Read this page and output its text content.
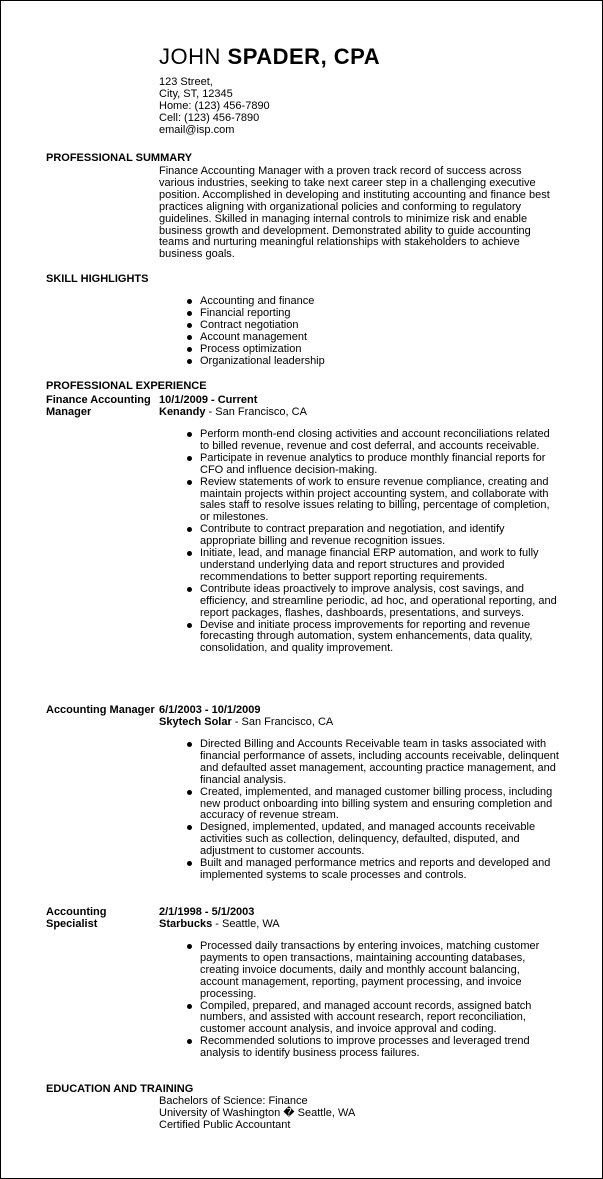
JOHN SPADER, CPA
123 Street,
City, ST, 12345
Home: (123) 456-7890
Cell: (123) 456-7890
email@isp.com
PROFESSIONAL SUMMARY
Finance Accounting Manager with a proven track record of success across various industries, seeking to take next career step in a challenging executive position. Accomplished in developing and instituting accounting and finance best practices aligning with organizational policies and conforming to regulatory guidelines. Skilled in managing internal controls to minimize risk and enable business growth and development. Demonstrated ability to guide accounting teams and nurturing meaningful relationships with stakeholders to achieve business goals.
SKILL HIGHLIGHTS
Accounting and finance
Financial reporting
Contract negotiation
Account management
Process optimization
Organizational leadership
PROFESSIONAL EXPERIENCE
Finance Accounting Manager
10/1/2009 - Current
Kenandy - San Francisco, CA
Perform month-end closing activities and account reconciliations related to billed revenue, revenue and cost deferral, and accounts receivable.
Participate in revenue analytics to produce monthly financial reports for CFO and influence decision-making.
Review statements of work to ensure revenue compliance, creating and maintain projects within project accounting system, and collaborate with sales staff to resolve issues relating to billing, percentage of completion, or milestones.
Contribute to contract preparation and negotiation, and identify appropriate billing and revenue recognition issues.
Initiate, lead, and manage financial ERP automation, and work to fully understand underlying data and report structures and provided recommendations to better support reporting requirements.
Contribute ideas proactively to improve analysis, cost savings, and efficiency, and streamline periodic, ad hoc, and operational reporting, and report packages, flashes, dashboards, presentations, and surveys.
Devise and initiate process improvements for reporting and revenue forecasting through automation, system enhancements, data quality, consolidation, and quality improvement.
Accounting Manager 6/1/2003 - 10/1/2009
Skytech Solar - San Francisco, CA
Directed Billing and Accounts Receivable team in tasks associated with financial performance of assets, including accounts receivable, delinquent and defaulted asset management, accounting practice management, and financial analysis.
Created, implemented, and managed customer billing process, including new product onboarding into billing system and ensuring completion and accuracy of revenue stream.
Designed, implemented, updated, and managed accounts receivable activities such as collection, delinquency, defaulted, disputed, and adjustment to customer accounts.
Built and managed performance metrics and reports and developed and implemented systems to scale processes and controls.
Accounting Specialist
2/1/1998 - 5/1/2003
Starbucks - Seattle, WA
Processed daily transactions by entering invoices, matching customer payments to open transactions, maintaining accounting databases, creating invoice documents, daily and monthly account balancing, account management, reporting, payment processing, and invoice processing.
Compiled, prepared, and managed account records, assigned batch numbers, and assisted with account research, report reconciliation, customer account analysis, and invoice approval and coding.
Recommended solutions to improve processes and leveraged trend analysis to identify business process failures.
EDUCATION AND TRAINING
Bachelors of Science: Finance
University of Washington � Seattle, WA
Certified Public Accountant
